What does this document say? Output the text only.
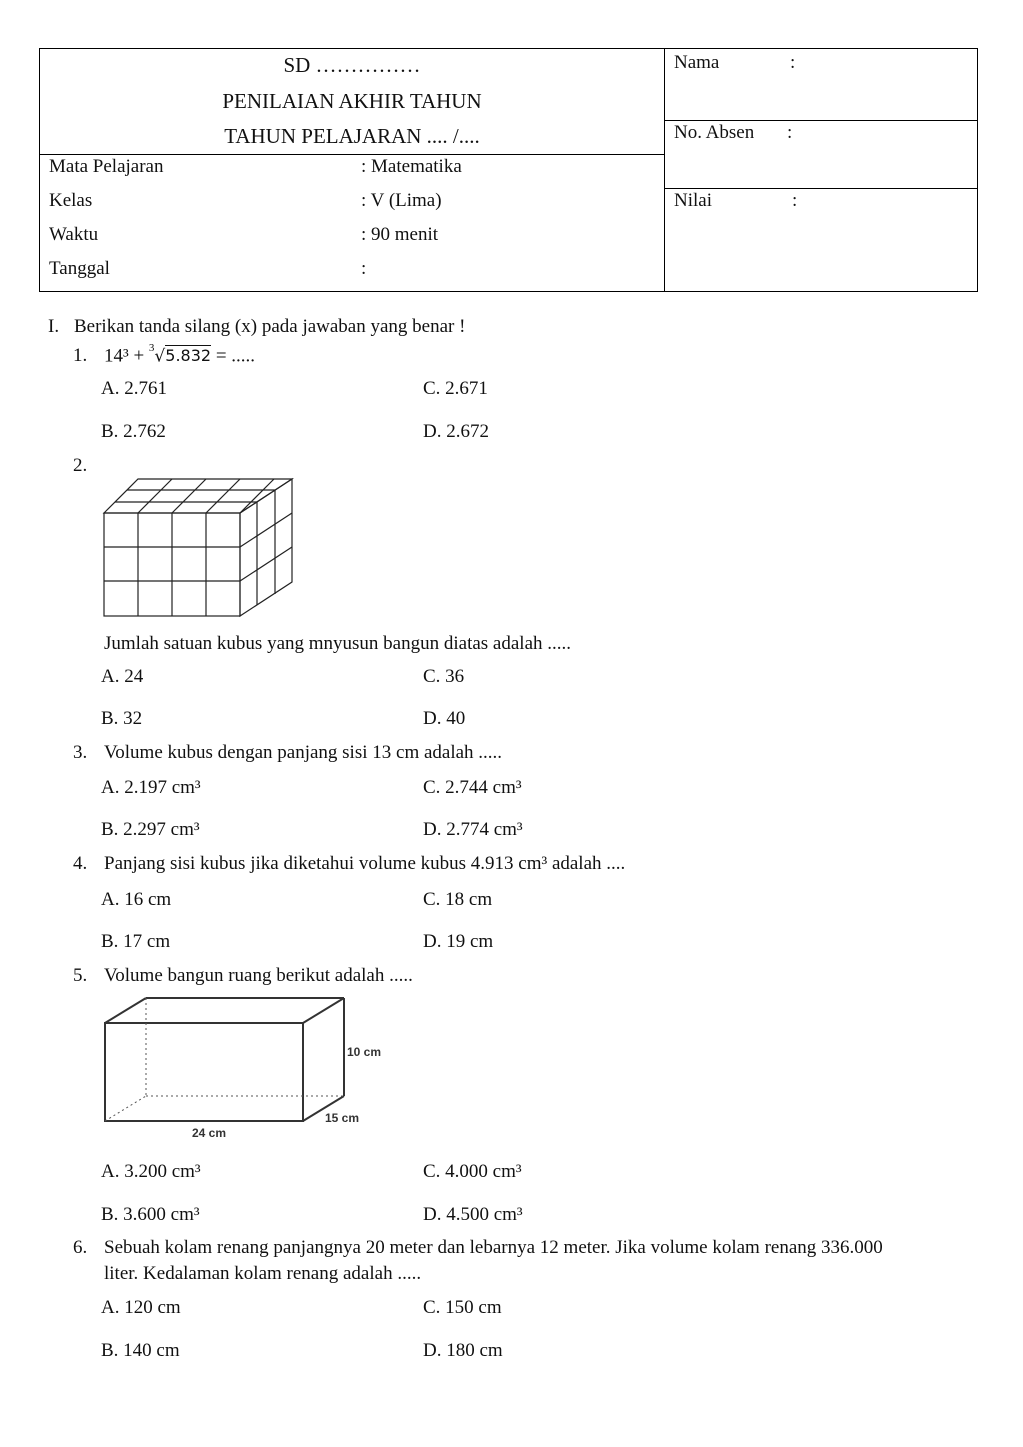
SD ……………
PENILAIAN AKHIR TAHUN
TAHUN PELAJARAN .... /....
Mata Pelajaran	: Matematika
Kelas	: V (Lima)
Waktu	: 90 menit
Tanggal	:
Nama	:
No. Absen :
Nilai	:
I. Berikan tanda silang (x) pada jawaban yang benar !
1. 14³ + $^3$√5.832 = .....
A. 2.761	C. 2.671
B. 2.762	D. 2.672
2.
Jumlah satuan kubus yang mnyusun bangun diatas adalah .....
A. 24	C. 36
B. 32	D. 40
3. Volume kubus dengan panjang sisi 13 cm adalah .....
A. 2.197 cm³	C. 2.744 cm³
B. 2.297 cm³	D. 2.774 cm³
4. Panjang sisi kubus jika diketahui volume kubus 4.913 cm³ adalah ....
A. 16 cm	C. 18 cm
B. 17 cm	D. 19 cm
5. Volume bangun ruang berikut adalah .....
10 cm
15 cm
24 cm
A. 3.200 cm³	C. 4.000 cm³
B. 3.600 cm³	D. 4.500 cm³
6. Sebuah kolam renang panjangnya 20 meter dan lebarnya 12 meter. Jika volume kolam renang 336.000
liter. Kedalaman kolam renang adalah .....
A. 120 cm	C. 150 cm
B. 140 cm	D. 180 cm
